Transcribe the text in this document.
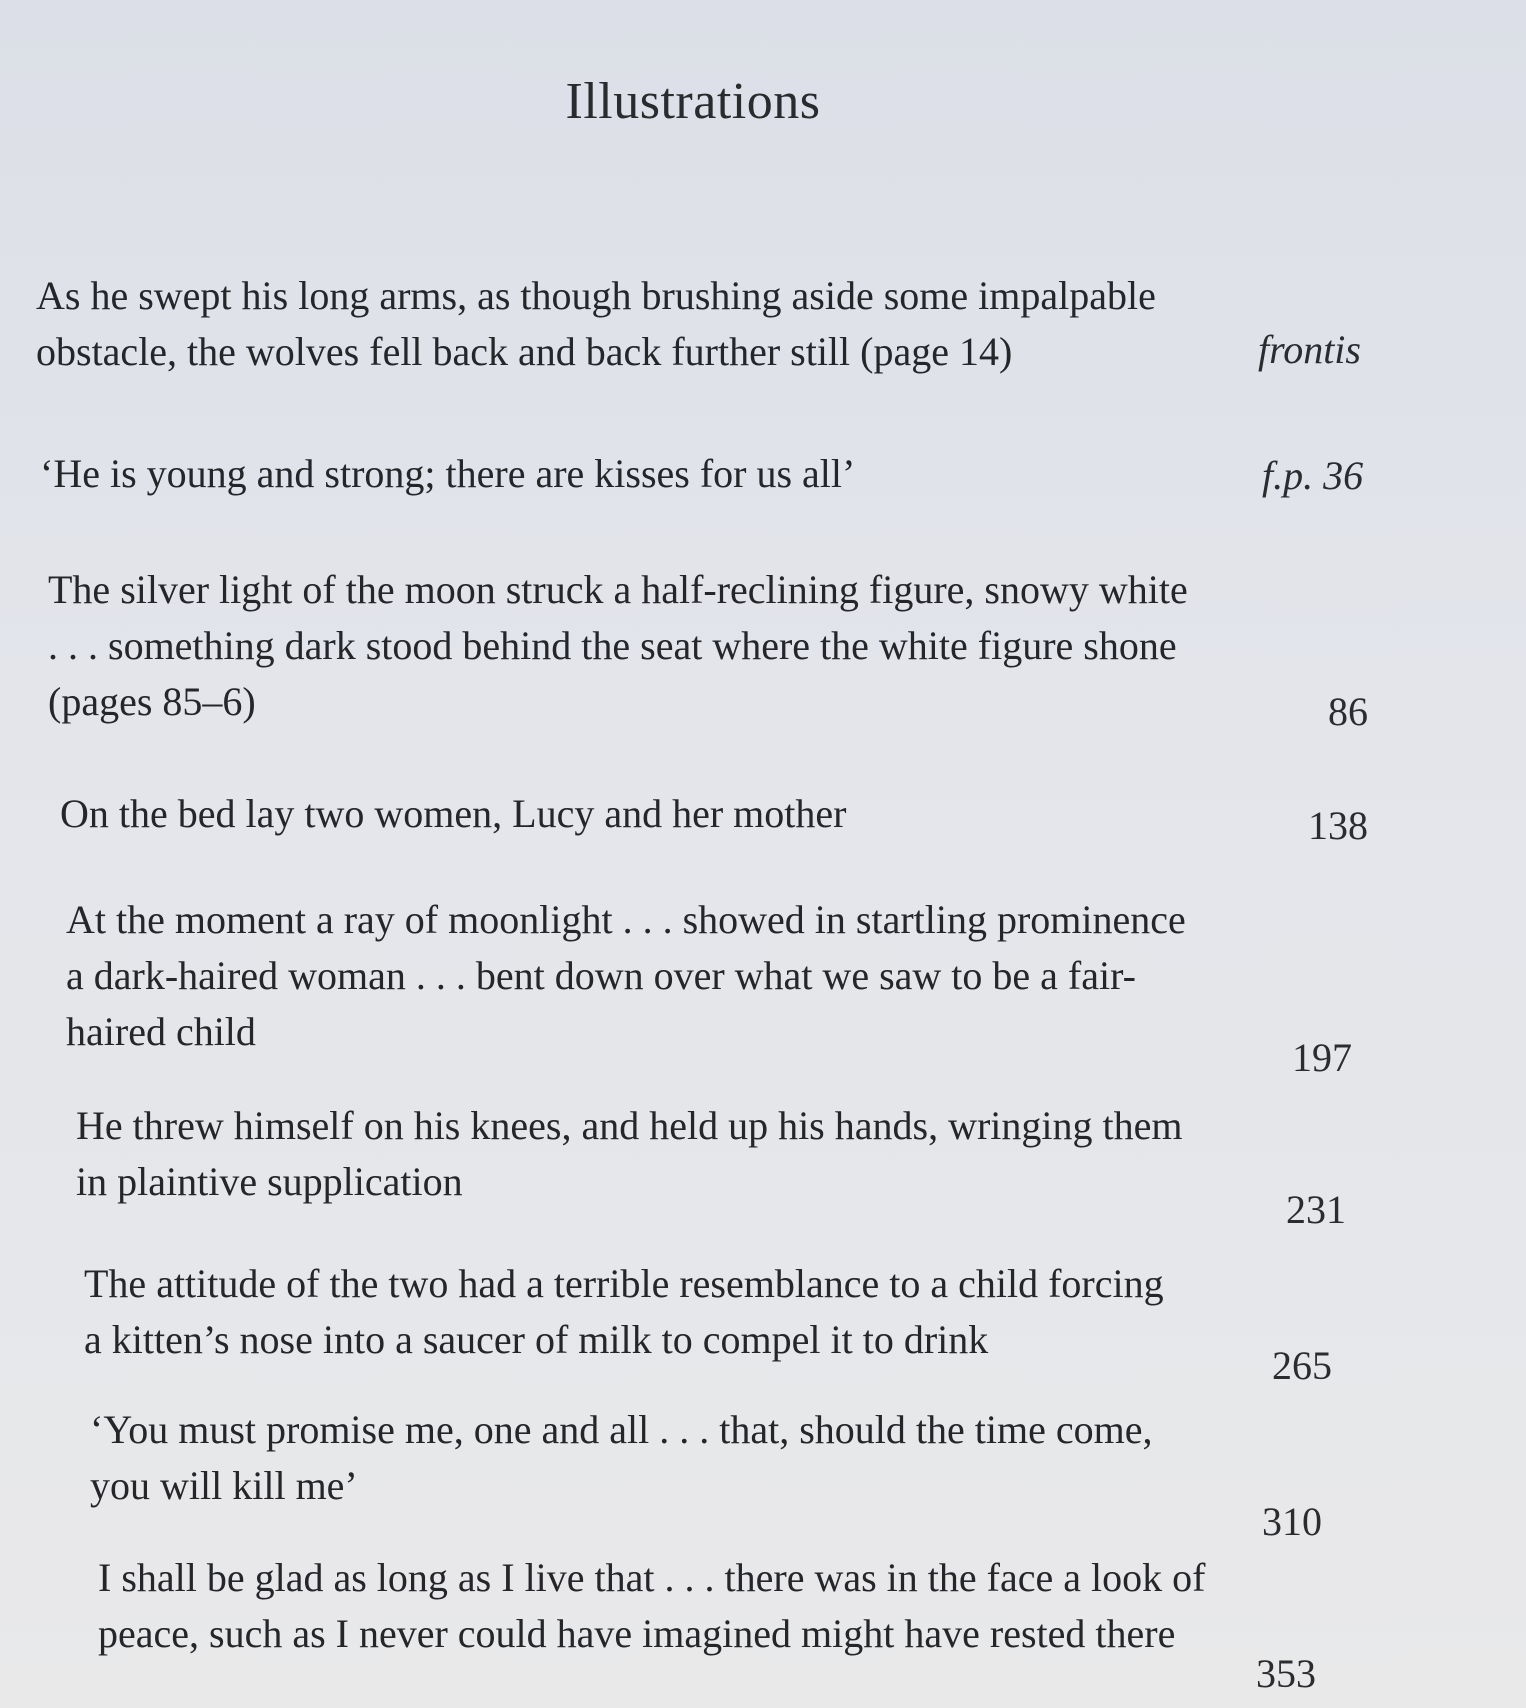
Illustrations
As he swept his long arms, as though brushing aside some impalpable
obstacle, the wolves fell back and back further still (page 14)	frontis
‘He is young and strong; there are kisses for us all’	f.p. 36
The silver light of the moon struck a half-reclining figure, snowy white
. . . something dark stood behind the seat where the white figure shone
(pages 85–6)	86
On the bed lay two women, Lucy and her mother	138
At the moment a ray of moonlight . . . showed in startling prominence
a dark-haired woman . . . bent down over what we saw to be a fair-
haired child
197
He threw himself on his knees, and held up his hands, wringing them
in plaintive supplication
231
The attitude of the two had a terrible resemblance to a child forcing
a kitten’s nose into a saucer of milk to compel it to drink
265
‘You must promise me, one and all . . . that, should the time come,
you will kill me’
310
I shall be glad as long as I live that . . . there was in the face a look of
peace, such as I never could have imagined might have rested there
353
